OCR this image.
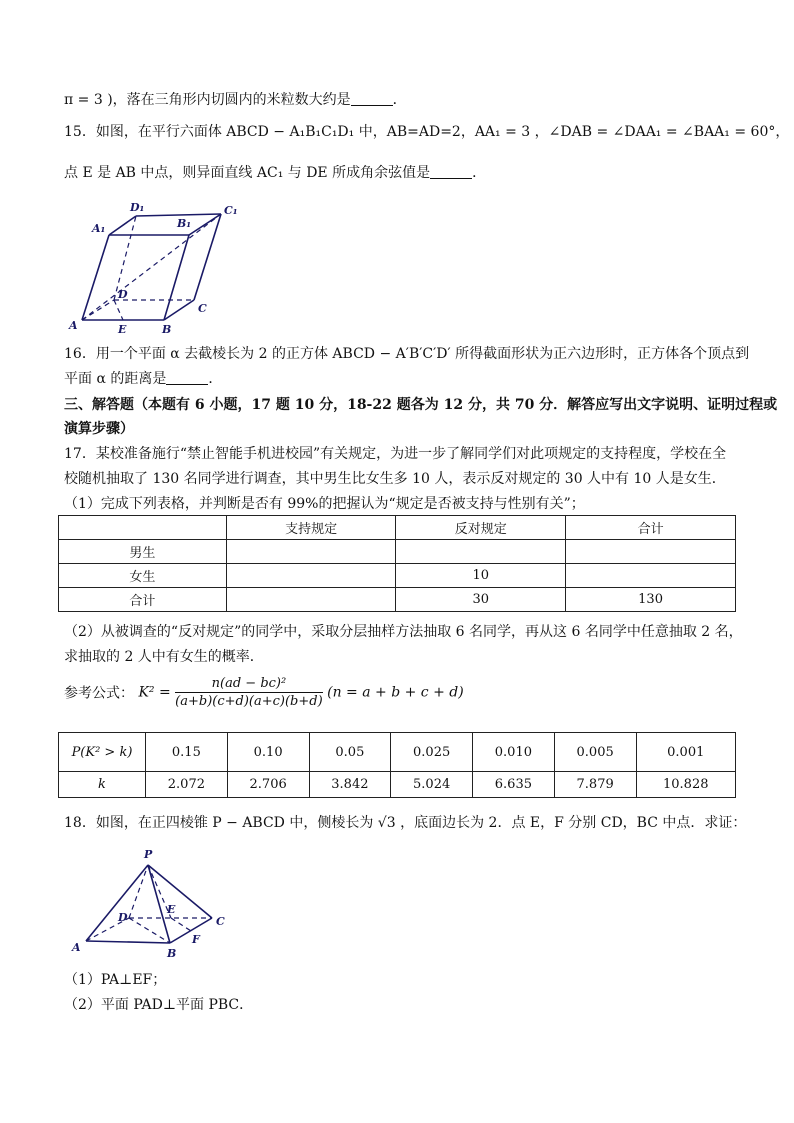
π = 3 )，落在三角形内切圆内的米粒数大约是	．
15．如图，在平行六面体 ABCD − A₁B₁C₁D₁ 中，AB=AD=2，AA₁ = 3 ，∠DAB = ∠DAA₁ = ∠BAA₁ = 60°，
点 E 是 AB 中点，则异面直线 AC₁ 与 DE 所成角余弦值是	．
D₁
B₁
C₁
A₁
D
C
A	E	B
16．用一个平面 α 去截棱长为 2 的正方体 ABCD − A′B′C′D′ 所得截面形状为正六边形时，正方体各个顶点到
平面 α 的距离是	．
三、解答题（本题有 6 小题，17 题 10 分，18-22 题各为 12 分，共 70 分．解答应写出文字说明、证明过程或
演算步骤）
17．某校准备施行“禁止智能手机进校园”有关规定，为进一步了解同学们对此项规定的支持程度，学校在全
校随机抽取了 130 名同学进行调查，其中男生比女生多 10 人，表示反对规定的 30 人中有 10 人是女生．
（1）完成下列表格，并判断是否有 99%的把握认为“规定是否被支持与性别有关”；
	支持规定	反对规定	合计
男生			
女生		10	
合计		30	130
（2）从被调查的“反对规定”的同学中，采取分层抽样方法抽取 6 名同学，再从这 6 名同学中任意抽取 2 名，
求抽取的 2 人中有女生的概率．
参考公式： $K^2 = \frac{\text{n(ad − bc)²}}{(a+b)(c+d)(a+c)(b+d)} (n = a + b + c + d)$
P(K² > k)	0.15	0.10	0.05	0.025	0.010	0.005	0.001
k	2.072	2.706	3.842	5.024	6.635	7.879	10.828
18．如图，在正四棱锥 P − ABCD 中，侧棱长为 √3 ，底面边长为 2．点 E，F 分别 CD，BC 中点．求证：
P
D
E
C
A	B
F
（1）PA⊥EF；
（2）平面 PAD⊥平面 PBC．
